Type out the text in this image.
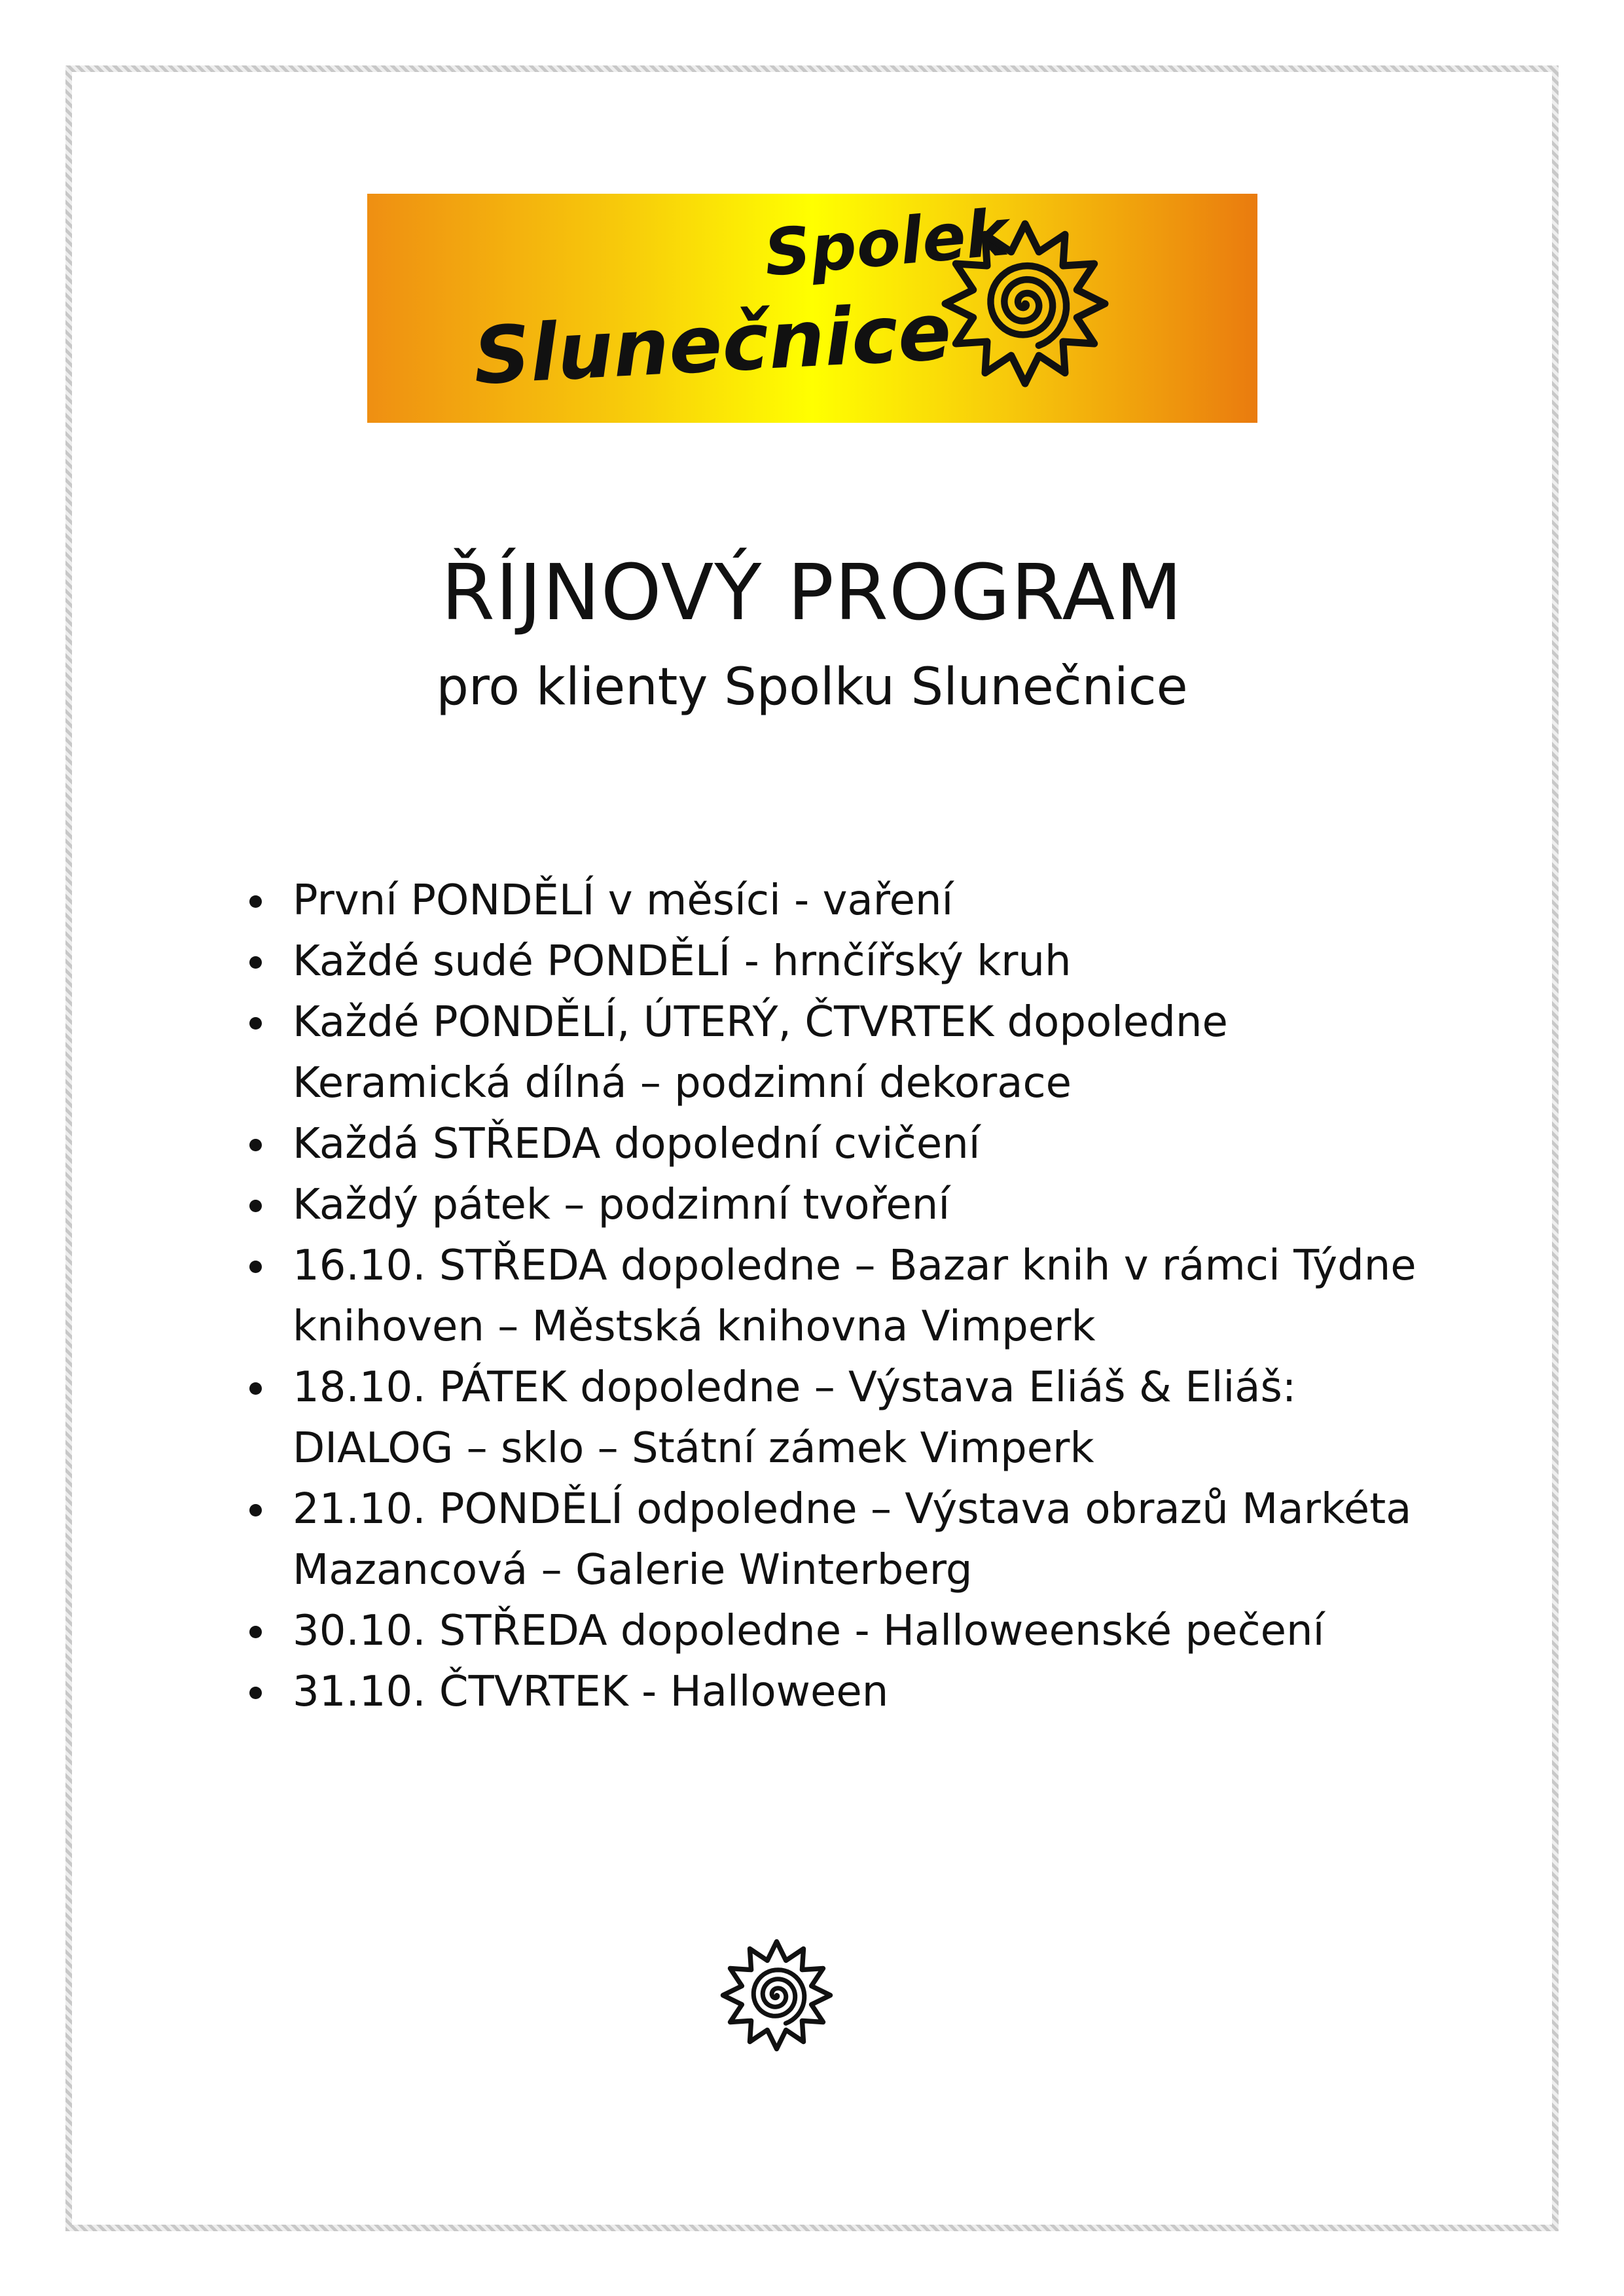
Spolek
Slunečnice
ŘÍJNOVÝ PROGRAM

pro klienty Spolku Slunečnice

První PONDĚLÍ v měsíci - vaření
Každé sudé PONDĚLÍ - hrnčířský kruh
Každé PONDĚLÍ, ÚTERÝ, ČTVRTEK dopoledne
Keramická dílná – podzimní dekorace
Každá STŘEDA dopolední cvičení
Každý pátek – podzimní tvoření
16.10. STŘEDA dopoledne – Bazar knih v rámci Týdne
knihoven – Městská knihovna Vimperk
18.10. PÁTEK dopoledne – Výstava Eliáš & Eliáš:
DIALOG – sklo – Státní zámek Vimperk
21.10. PONDĚLÍ odpoledne – Výstava obrazů Markéta
Mazancová – Galerie Winterberg
30.10. STŘEDA dopoledne - Halloweenské pečení
31.10. ČTVRTEK - Halloween
